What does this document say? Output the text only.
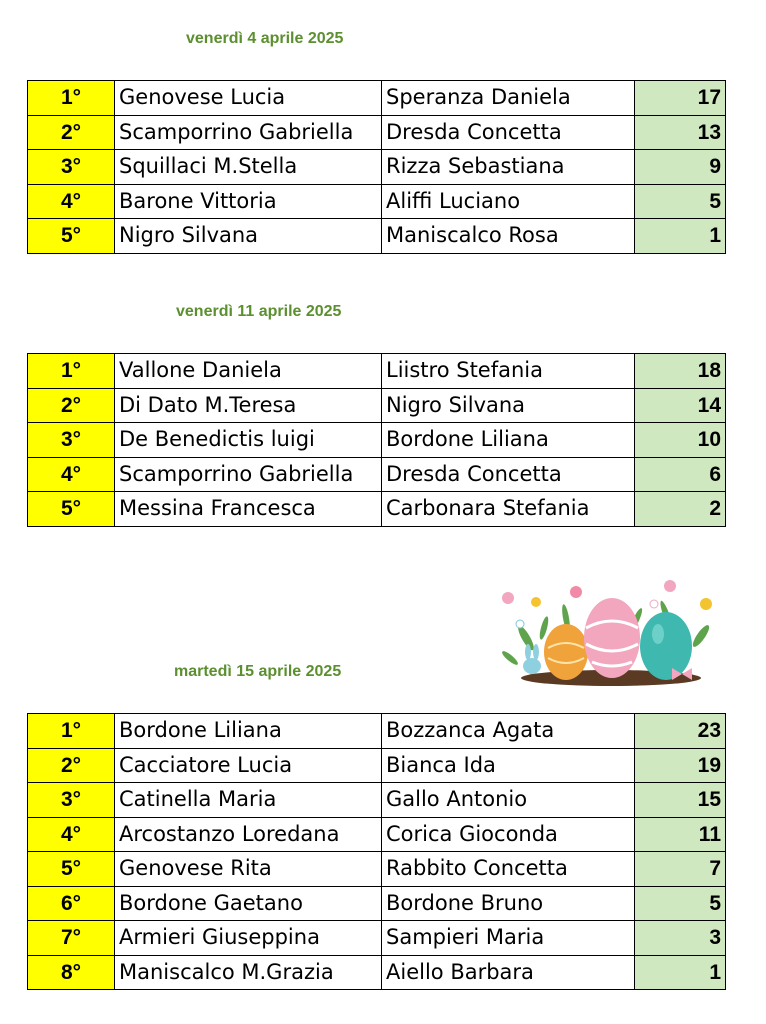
venerdì 4 aprile 2025
1°	Genovese Lucia	Speranza Daniela	17
2°	Scamporrino Gabriella	Dresda Concetta	13
3°	Squillaci M.Stella	Rizza Sebastiana	9
4°	Barone Vittoria	Aliffi Luciano	5
5°	Nigro Silvana	Maniscalco Rosa	1
venerdì 11 aprile 2025
1°	Vallone Daniela	Liistro Stefania	18
2°	Di Dato M.Teresa	Nigro Silvana	14
3°	De Benedictis luigi	Bordone Liliana	10
4°	Scamporrino Gabriella	Dresda Concetta	6
5°	Messina Francesca	Carbonara Stefania	2
martedì 15 aprile 2025
1°	Bordone Liliana	Bozzanca Agata	23
2°	Cacciatore Lucia	Bianca Ida	19
3°	Catinella Maria	Gallo Antonio	15
4°	Arcostanzo Loredana	Corica Gioconda	11
5°	Genovese Rita	Rabbito Concetta	7
6°	Bordone Gaetano	Bordone Bruno	5
7°	Armieri Giuseppina	Sampieri Maria	3
8°	Maniscalco M.Grazia	Aiello Barbara	1
